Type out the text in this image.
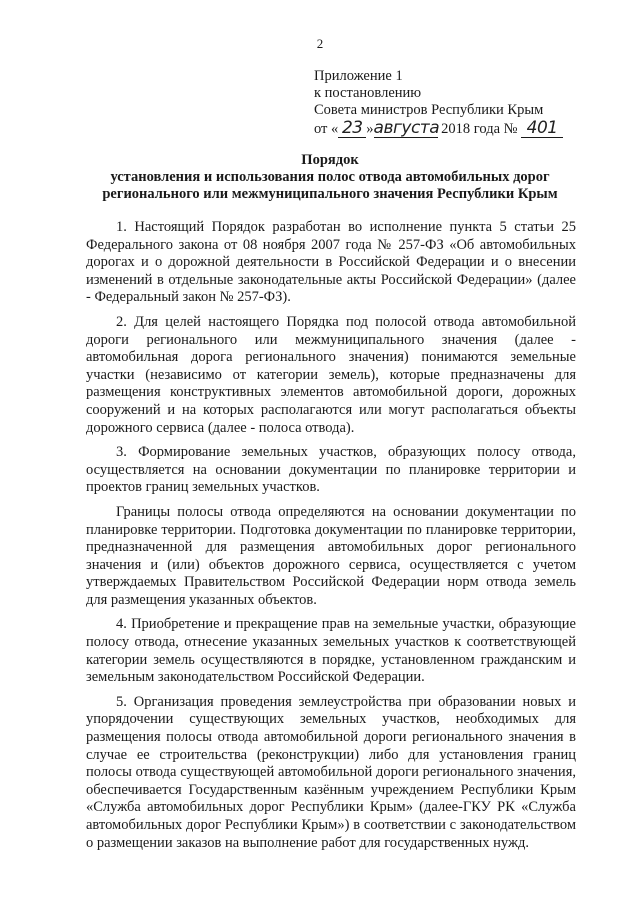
2
Приложение 1
к постановлению
Совета министров Республики Крым
от « 23 »августа 2018 года № 401
Порядок
установления и использования полос отвода автомобильных дорог
регионального или межмуниципального значения Республики Крым

1. Настоящий Порядок разработан во исполнение пункта 5 статьи 25 Федерального закона от 08 ноября 2007 года № 257-ФЗ «Об автомобильных дорогах и о дорожной деятельности в Российской Федерации и о внесении изменений в отдельные законодательные акты Российской Федерации» (далее - Федеральный закон № 257-ФЗ).

2. Для целей настоящего Порядка под полосой отвода автомобильной дороги регионального или межмуниципального значения (далее - автомобильная дорога регионального значения) понимаются земельные участки (независимо от категории земель), которые предназначены для размещения конструктивных элементов автомобильной дороги, дорожных сооружений и на которых располагаются или могут располагаться объекты дорожного сервиса (далее - полоса отвода).

3. Формирование земельных участков, образующих полосу отвода, осуществляется на основании документации по планировке территории и проектов границ земельных участков.

Границы полосы отвода определяются на основании документации по планировке территории. Подготовка документации по планировке территории, предназначенной для размещения автомобильных дорог регионального значения и (или) объектов дорожного сервиса, осуществляется с учетом утверждаемых Правительством Российской Федерации норм отвода земель для размещения указанных объектов.

4. Приобретение и прекращение прав на земельные участки, образующие полосу отвода, отнесение указанных земельных участков к соответствующей категории земель осуществляются в порядке, установленном гражданским и земельным законодательством Российской Федерации.

5. Организация проведения землеустройства при образовании новых и упорядочении существующих земельных участков, необходимых для размещения полосы отвода автомобильной дороги регионального значения в случае ее строительства (реконструкции) либо для установления границ полосы отвода существующей автомобильной дороги регионального значения, обеспечивается Государственным казённым учреждением Республики Крым «Служба автомобильных дорог Республики Крым» (далее-ГКУ РК «Служба автомобильных дорог Республики Крым») в соответствии с законодательством о размещении заказов на выполнение работ для государственных нужд.
